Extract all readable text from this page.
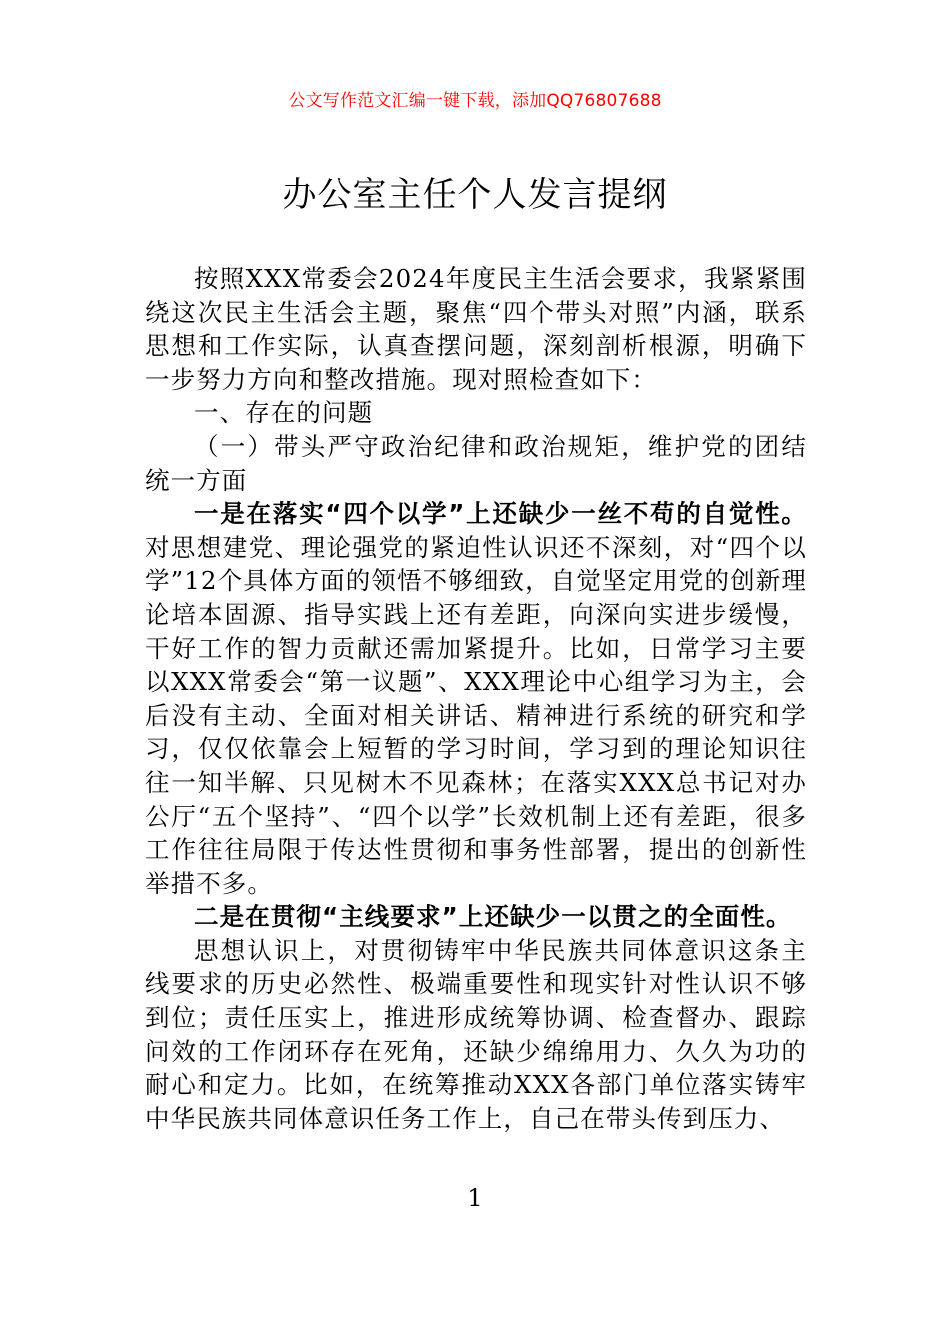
公文写作范文汇编一键下载，添加QQ76807688
办公室主任个人发言提纲

按照XXX常委会2024年度民主生活会要求，我紧紧围绕这次民主生活会主题，聚焦“四个带头对照”内涵，联系思想和工作实际，认真查摆问题，深刻剖析根源，明确下一步努力方向和整改措施。现对照检查如下：

一、存在的问题

（一）带头严守政治纪律和政治规矩，维护党的团结统一方面

一是在落实“四个以学”上还缺少一丝不苟的自觉性。对思想建党、理论强党的紧迫性认识还不深刻，对“四个以学”12个具体方面的领悟不够细致，自觉坚定用党的创新理论培本固源、指导实践上还有差距，向深向实进步缓慢，干好工作的智力贡献还需加紧提升。比如，日常学习主要以XXX常委会“第一议题”、XXX理论中心组学习为主，会后没有主动、全面对相关讲话、精神进行系统的研究和学习，仅仅依靠会上短暂的学习时间，学习到的理论知识往往一知半解、只见树木不见森林；在落实XXX总书记对办公厅“五个坚持”、“四个以学”长效机制上还有差距，很多工作往往局限于传达性贯彻和事务性部署，提出的创新性举措不多。

二是在贯彻“主线要求”上还缺少一以贯之的全面性。

思想认识上，对贯彻铸牢中华民族共同体意识这条主线要求的历史必然性、极端重要性和现实针对性认识不够到位；责任压实上，推进形成统筹协调、检查督办、跟踪问效的工作闭环存在死角，还缺少绵绵用力、久久为功的耐心和定力。比如，在统筹推动XXX各部门单位落实铸牢中华民族共同体意识任务工作上，自己在带头传到压力、

1
